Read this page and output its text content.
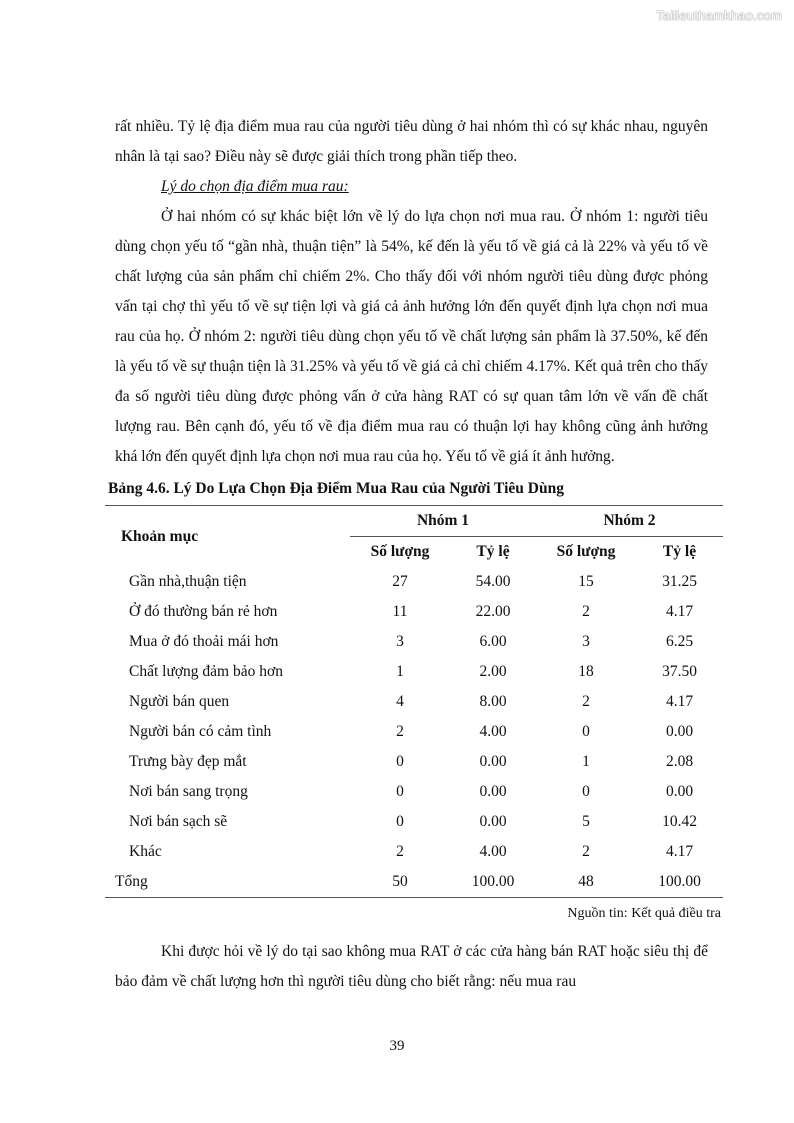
Tailieuthamkhao.com

rất nhiều. Tỷ lệ địa điểm mua rau của người tiêu dùng ở hai nhóm thì có sự khác nhau, nguyên nhân là tại sao? Điều này sẽ được giải thích trong phần tiếp theo.

Lý do chọn địa điểm mua rau:

Ở hai nhóm có sự khác biệt lớn về lý do lựa chọn nơi mua rau. Ở nhóm 1: người tiêu dùng chọn yếu tố “gần nhà, thuận tiện” là 54%, kế đến là yếu tố về giá cả là 22% và yếu tố về chất lượng của sản phẩm chỉ chiếm 2%. Cho thấy đối với nhóm người tiêu dùng được phỏng vấn tại chợ thì yếu tố về sự tiện lợi và giá cả ảnh hưởng lớn đến quyết định lựa chọn nơi mua rau của họ. Ở nhóm 2: người tiêu dùng chọn yếu tố về chất lượng sản phẩm là 37.50%, kế đến là yếu tố về sự thuận tiện là 31.25% và yếu tố về giá cả chỉ chiếm 4.17%. Kết quả trên cho thấy đa số người tiêu dùng được phỏng vấn ở cửa hàng RAT có sự quan tâm lớn về vấn đề chất lượng rau. Bên cạnh đó, yếu tố về địa điểm mua rau có thuận lợi hay không cũng ảnh hưởng khá lớn đến quyết định lựa chọn nơi mua rau của họ. Yếu tố về giá ít ảnh hưởng.

Bảng 4.6. Lý Do Lựa Chọn Địa Điểm Mua Rau của Người Tiêu Dùng
Khoản mục	Nhóm 1		Nhóm 2	
	Số lượng	Tỷ lệ	Số lượng	Tỷ lệ
Gần nhà,thuận tiện	27	54.00	15	31.25
Ở đó thường bán rẻ hơn	11	22.00	2	4.17
Mua ở đó thoải mái hơn	3	6.00	3	6.25
Chất lượng đảm bảo hơn	1	2.00	18	37.50
Người bán quen	4	8.00	2	4.17
Người bán có cảm tình	2	4.00	0	0.00
Trưng bày đẹp mắt	0	0.00	1	2.08
Nơi bán sang trọng	0	0.00	0	0.00
Nơi bán sạch sẽ	0	0.00	5	10.42
Khác	2	4.00	2	4.17
Tổng	50	100.00	48	100.00
Nguồn tin: Kết quả điều tra

Khi được hỏi về lý do tại sao không mua RAT ở các cửa hàng bán RAT hoặc siêu thị để bảo đảm về chất lượng hơn thì người tiêu dùng cho biết rằng: nếu mua rau

39
